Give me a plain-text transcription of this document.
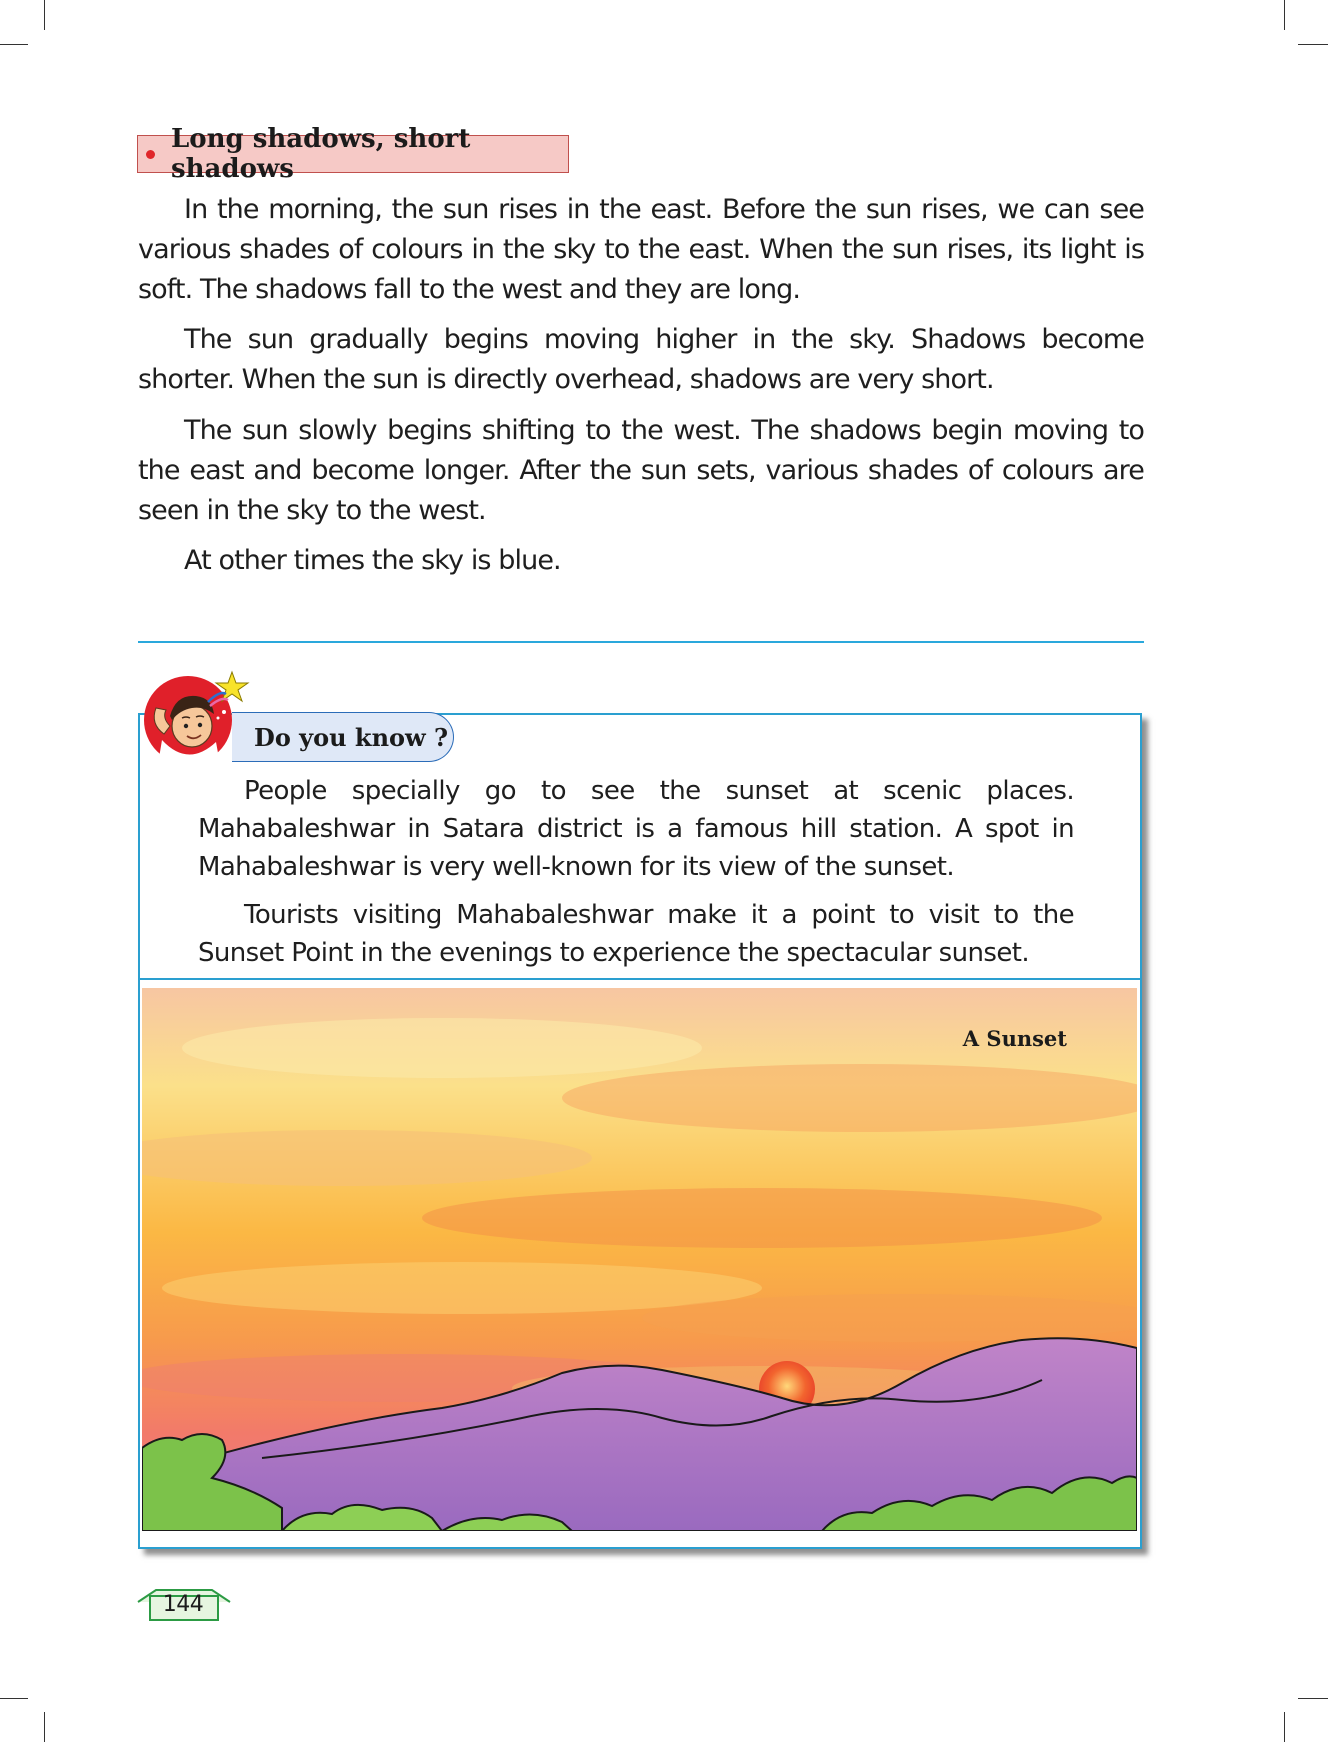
Long shadows, short shadows

In the morning, the sun rises in the east. Before the sun rises, we can see various shades of colours in the sky to the east. When the sun rises, its light is soft. The shadows fall to the west and they are long.

The sun gradually begins moving higher in the sky. Shadows become shorter. When the sun is directly overhead, shadows are very short.

The sun slowly begins shifting to the west. The shadows begin moving to the east and become longer. After the sun sets, various shades of colours are seen in the sky to the west.

At other times the sky is blue.

Do you know ?

People specially go to see the sunset at scenic places. Mahabaleshwar in Satara district is a famous hill station. A spot in Mahabaleshwar is very well-known for its view of the sunset.

Tourists visiting Mahabaleshwar make it a point to visit to the Sunset Point in the evenings to experience the spectacular sunset.

A Sunset
144
